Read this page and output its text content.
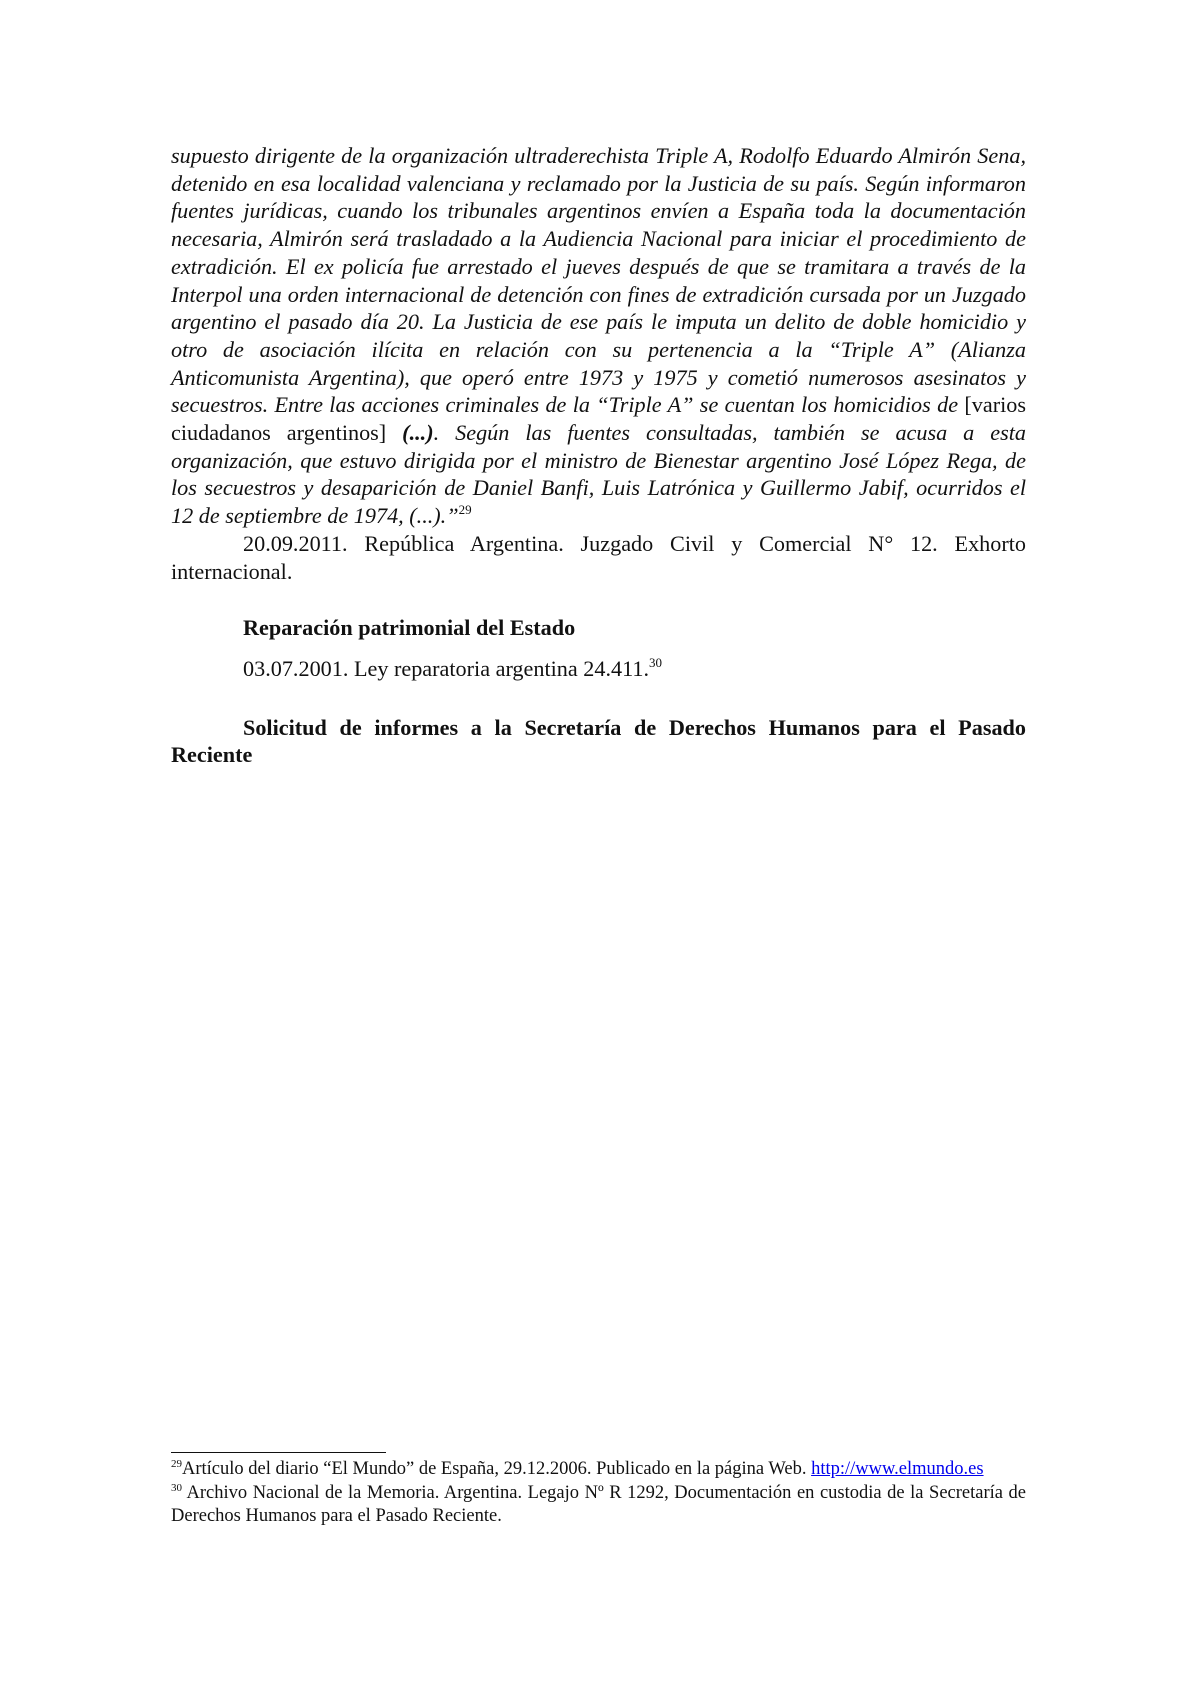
supuesto dirigente de la organización ultraderechista Triple A, Rodolfo Eduardo Almirón Sena, detenido en esa localidad valenciana y reclamado por la Justicia de su país. Según informaron fuentes jurídicas, cuando los tribunales argentinos envíen a España toda la documentación necesaria, Almirón será trasladado a la Audiencia Nacional para iniciar el procedimiento de extradición. El ex policía fue arrestado el jueves después de que se tramitara a través de la Interpol una orden internacional de detención con fines de extradición cursada por un Juzgado argentino el pasado día 20. La Justicia de ese país le imputa un delito de doble homicidio y otro de asociación ilícita en relación con su pertenencia a la “Triple A” (Alianza Anticomunista Argentina), que operó entre 1973 y 1975 y cometió numerosos asesinatos y secuestros. Entre las acciones criminales de la “Triple A” se cuentan los homicidios de [varios ciudadanos argentinos] (...). Según las fuentes consultadas, también se acusa a esta organización, que estuvo dirigida por el ministro de Bienestar argentino José López Rega, de los secuestros y desaparición de Daniel Banfi, Luis Latrónica y Guillermo Jabif, ocurridos el 12 de septiembre de 1974, (...).”$^{29}$

20.09.2011. República Argentina. Juzgado Civil y Comercial N° 12. Exhorto internacional.

Reparación patrimonial del Estado

03.07.2001. Ley reparatoria argentina 24.411.30

Solicitud de informes a la Secretaría de Derechos Humanos para el Pasado Reciente

$^{29}$Artículo del diario “El Mundo” de España, 29.12.2006. Publicado en la página Web. http://www.elmundo.es

$^{30}$ Archivo Nacional de la Memoria. Argentina. Legajo Nº R 1292, Documentación en custodia de la Secretaría de Derechos Humanos para el Pasado Reciente.
